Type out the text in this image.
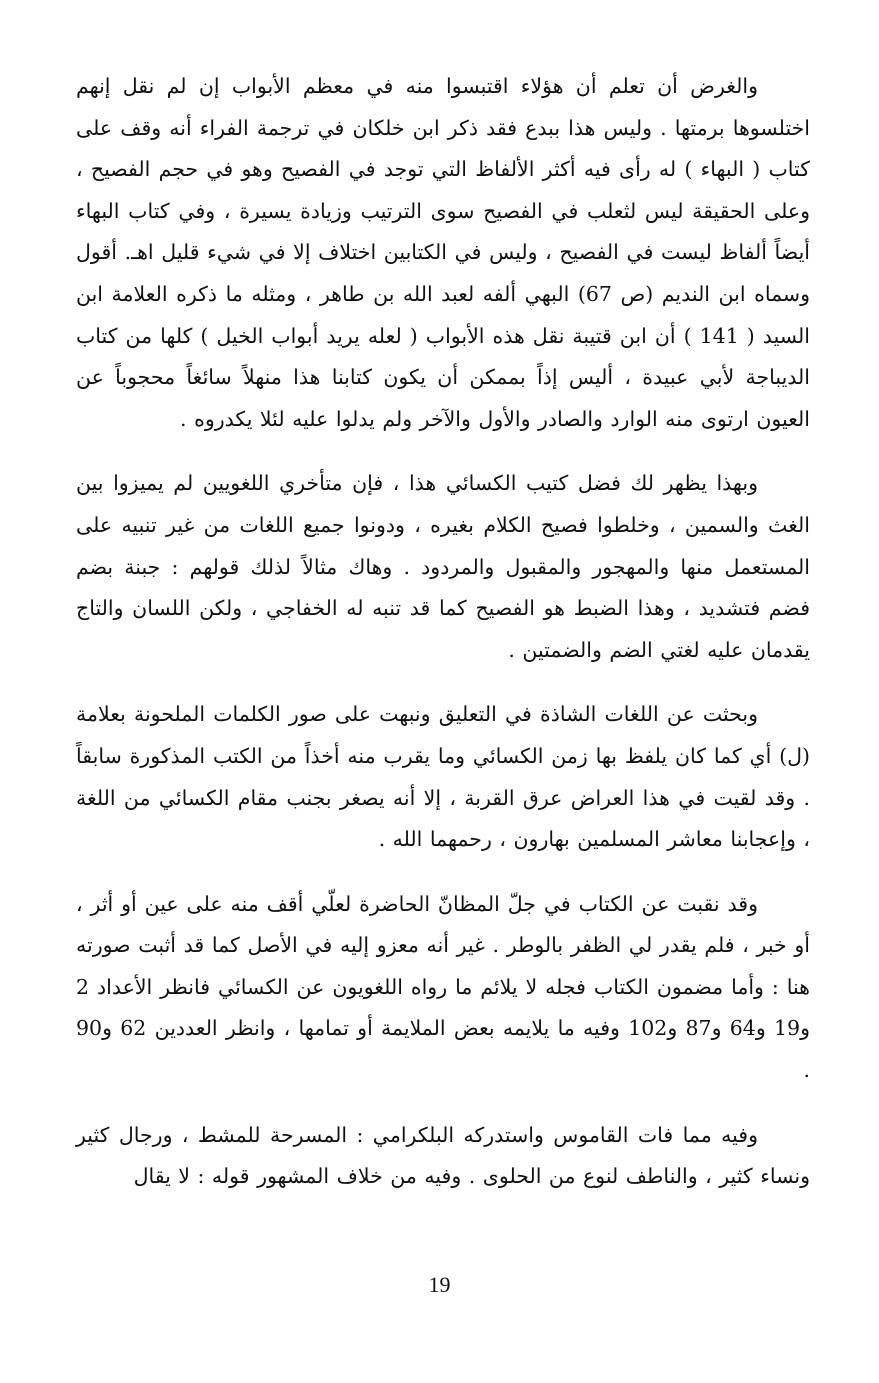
والغرض أن تعلم أن هؤلاء اقتبسوا منه في معظم الأبواب إن لم نقل إنهم اختلسوها برمتها . وليس هذا ببدع فقد ذكر ابن خلكان في ترجمة الفراء أنه وقف على كتاب ( البهاء ) له رأى فيه أكثر الألفاظ التي توجد في الفصيح وهو في حجم الفصيح ، وعلى الحقيقة ليس لثعلب في الفصيح سوى الترتيب وزيادة يسيرة ، وفي كتاب البهاء أيضاً ألفاظ ليست في الفصيح ، وليس في الكتابين اختلاف إلا في شيء قليل اهـ. أقول وسماه ابن النديم (ص 67) البهي ألفه لعبد الله بن طاهر ، ومثله ما ذكره العلامة ابن السيد ( 141 ) أن ابن قتيبة نقل هذه الأبواب ( لعله يريد أبواب الخيل ) كلها من كتاب الديباجة لأبي عبيدة ، أليس إذاً بممكن أن يكون كتابنا هذا منهلاً سائغاً محجوباً عن العيون ارتوى منه الوارد والصادر والأول والآخر ولم يدلوا عليه لئلا يكدروه .

وبهذا يظهر لك فضل كتيب الكسائي هذا ، فإن متأخري اللغويين لم يميزوا بين الغث والسمين ، وخلطوا فصيح الكلام بغيره ، ودونوا جميع اللغات من غير تنبيه على المستعمل منها والمهجور والمقبول والمردود . وهاك مثالاً لذلك قولهم : جبنة بضم فضم فتشديد ، وهذا الضبط هو الفصيح كما قد تنبه له الخفاجي ، ولكن اللسان والتاج يقدمان عليه لغتي الضم والضمتين .

وبحثت عن اللغات الشاذة في التعليق ونبهت على صور الكلمات الملحونة بعلامة (ل) أي كما كان يلفظ بها زمن الكسائي وما يقرب منه أخذاً من الكتب المذكورة سابقاً . وقد لقيت في هذا العراض عرق القربة ، إلا أنه يصغر بجنب مقام الكسائي من اللغة ، وإعجابنا معاشر المسلمين بهارون ، رحمهما الله .

وقد نقبت عن الكتاب في جلّ المظانّ الحاضرة لعلّي أقف منه على عين أو أثر ، أو خبر ، فلم يقدر لي الظفر بالوطر . غير أنه معزو إليه في الأصل كما قد أثبت صورته هنا : وأما مضمون الكتاب فجله لا يلائم ما رواه اللغويون عن الكسائي فانظر الأعداد 2 و19 و64 و87 و102 وفيه ما يلايمه بعض الملايمة أو تمامها ، وانظر العددين 62 و90 .

وفيه مما فات القاموس واستدركه البلكرامي : المسرحة للمشط ، ورجال كثير ونساء كثير ، والناطف لنوع من الحلوى . وفيه من خلاف المشهور قوله : لا يقال

19
